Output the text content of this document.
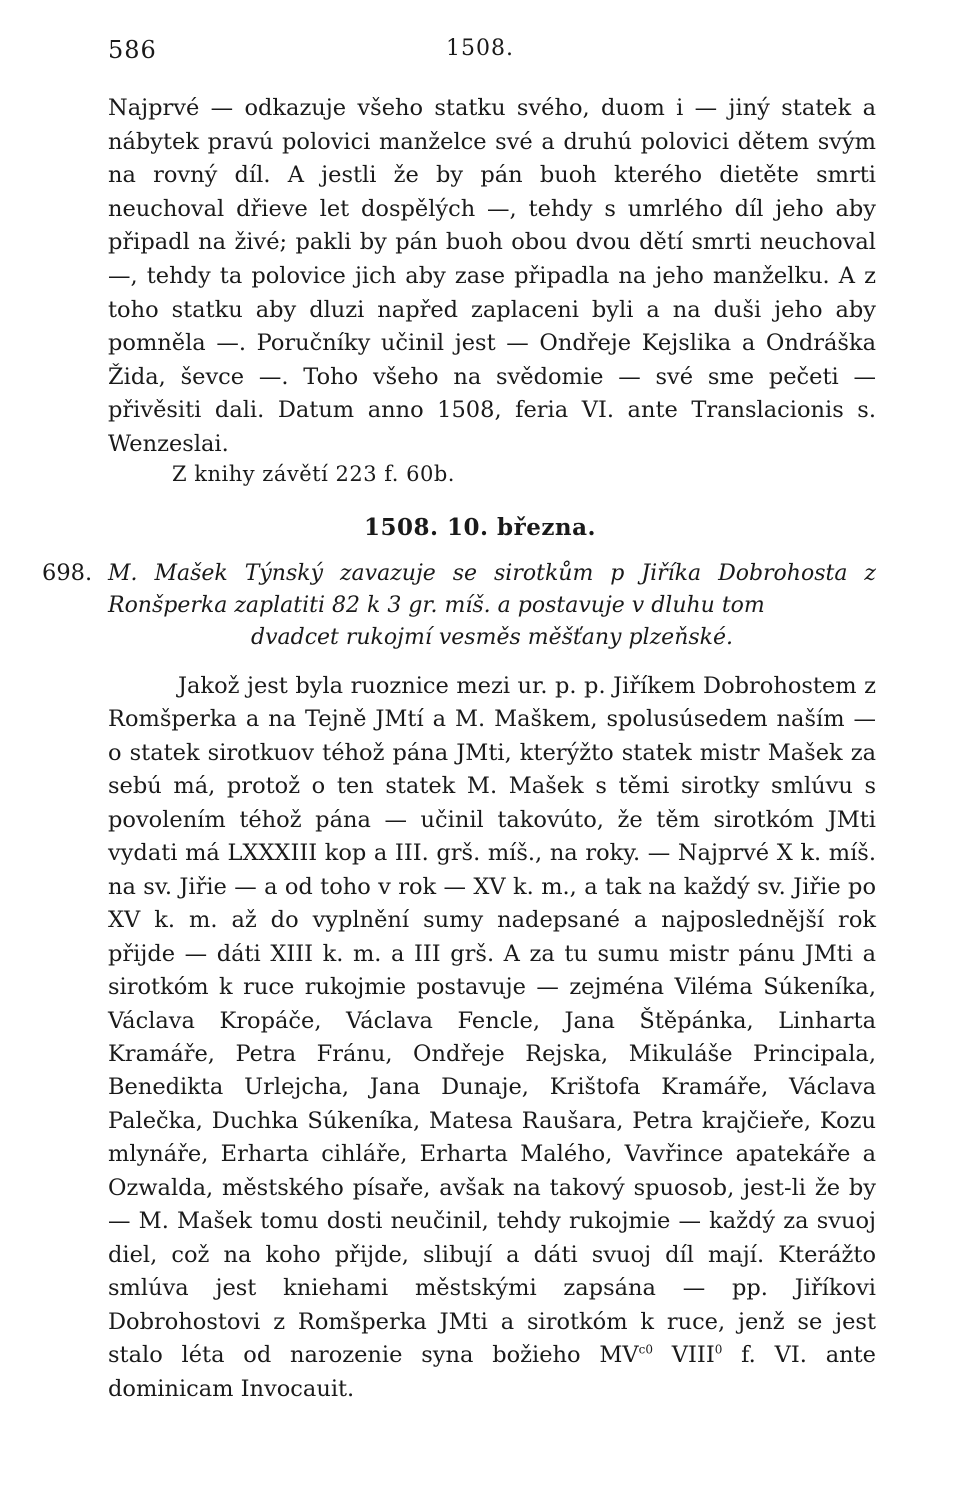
586	1508.
Najprvé — odkazuje všeho statku svého, duom i — jiný statek a nábytek pravú polovici manželce své a druhú polovici dětem svým na rovný díl. A jestli že by pán buoh kterého dietěte smrti neuchoval dřieve let dospělých —, tehdy s umrlého díl jeho aby připadl na živé; pakli by pán buoh obou dvou dětí smrti neuchoval —, tehdy ta polovice jich aby zase připadla na jeho manželku. A z toho statku aby dluzi napřed zaplaceni byli a na duši jeho aby pomněla —. Poručníky učinil jest — Ondřeje Kejslika a Ondráška Žida, ševce —. Toho všeho na svědomie — své sme pečeti — přivěsiti dali. Datum anno 1508, feria VI. ante Translacionis s. Wenzeslai.
Z knihy závětí 223 f. 60b.
1508. 10. března.
698. M. Mašek Týnský zavazuje se sirotkům p Jiříka Dobrohosta z Ronšperka zaplatiti 82 k 3 gr. míš. a postavuje v dluhu tom
dvadcet rukojmí vesměs měšťany plzeňské.
Jakož jest byla ruoznice mezi ur. p. p. Jiříkem Dobrohostem z Romšperka a na Tejně JMtí a M. Maškem, spolusúsedem naším — o statek sirotkuov téhož pána JMti, kterýžto statek mistr Mašek za sebú má, protož o ten statek M. Mašek s těmi sirotky smlúvu s povolením téhož pána — učinil takovúto, že těm sirotkóm JMti vydati má LXXXIII kop a III. grš. míš., na roky. — Najprvé X k. míš. na sv. Jiřie — a od toho v rok — XV k. m., a tak na každý sv. Jiřie po XV k. m. až do vyplnění sumy nadepsané a najposlednější rok přijde — dáti XIII k. m. a III grš. A za tu sumu mistr pánu JMti a sirotkóm k ruce rukojmie postavuje — zejména Viléma Súkeníka, Václava Kropáče, Václava Fencle, Jana Štěpánka, Linharta Kramáře, Petra Fránu, Ondřeje Rejska, Mikuláše Principala, Benedikta Urlejcha, Jana Dunaje, Krištofa Kramáře, Václava Palečka, Duchka Súkeníka, Matesa Raušara, Petra krajčieře, Kozu mlynáře, Erharta cihláře, Erharta Malého, Vavřince apatekáře a Ozwalda, městského písaře, avšak na takový spuosob, jest-li že by — M. Mašek tomu dosti neučinil, tehdy rukojmie — každý za svuoj diel, což na koho přijde, slibují a dáti svuoj díl mají. Kterážto smlúva jest kniehami městskými zapsána — pp. Jiříkovi Dobrohostovi z Romšperka JMti a sirotkóm k ruce, jenž se jest stalo léta od narozenie syna božieho $MV^{c0}$ VIII$^0$ f. VI. ante dominicam Invocauit.
